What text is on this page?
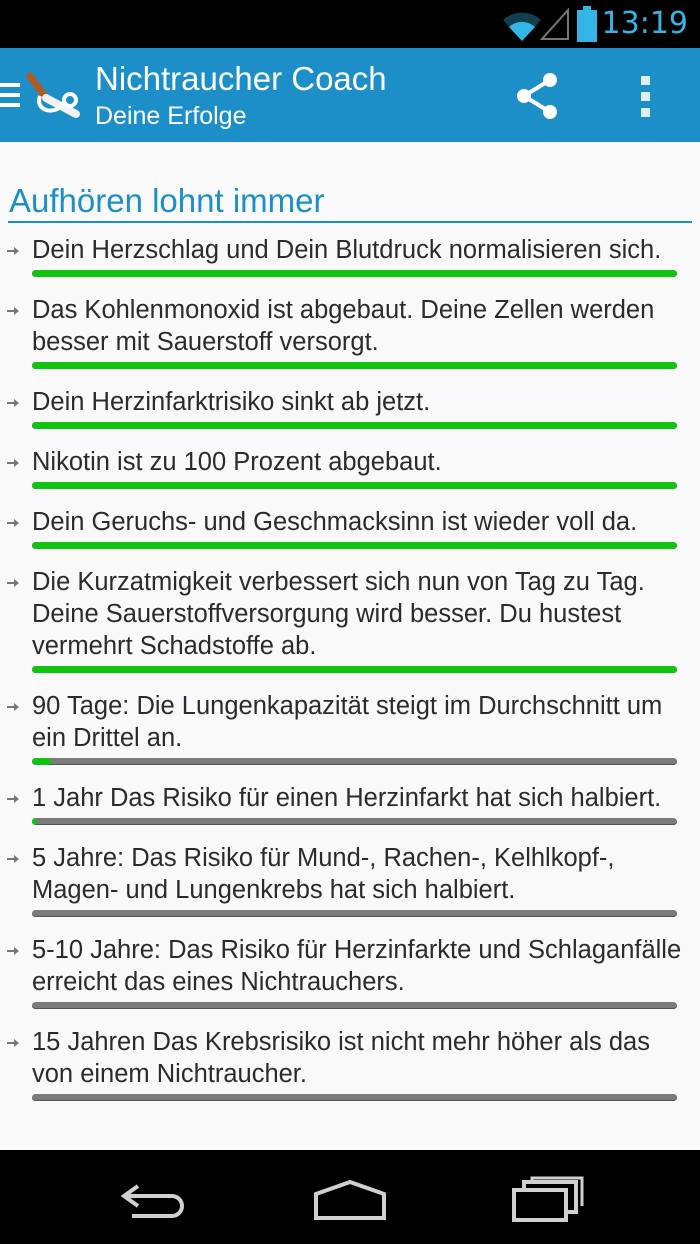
13:19
Nichtraucher Coach
Deine Erfolge
Aufhören lohnt immer
Dein Herzschlag und Dein Blutdruck normalisieren sich.
Das Kohlenmonoxid ist abgebaut. Deine Zellen werden besser mit Sauerstoff versorgt.
Dein Herzinfarktrisiko sinkt ab jetzt.
Nikotin ist zu 100 Prozent abgebaut.
Dein Geruchs- und Geschmacksinn ist wieder voll da.
Die Kurzatmigkeit verbessert sich nun von Tag zu Tag. Deine Sauerstoffversorgung wird besser. Du hustest vermehrt Schadstoffe ab.
90 Tage: Die Lungenkapazität steigt im Durchschnitt um ein Drittel an.
1 Jahr Das Risiko für einen Herzinfarkt hat sich halbiert.
5 Jahre: Das Risiko für Mund-, Rachen-, Kelhlkopf-, Magen- und Lungenkrebs hat sich halbiert.
5-10 Jahre: Das Risiko für Herzinfarkte und Schlaganfälle erreicht das eines Nichtrauchers.
15 Jahren Das Krebsrisiko ist nicht mehr höher als das von einem Nichtraucher.
